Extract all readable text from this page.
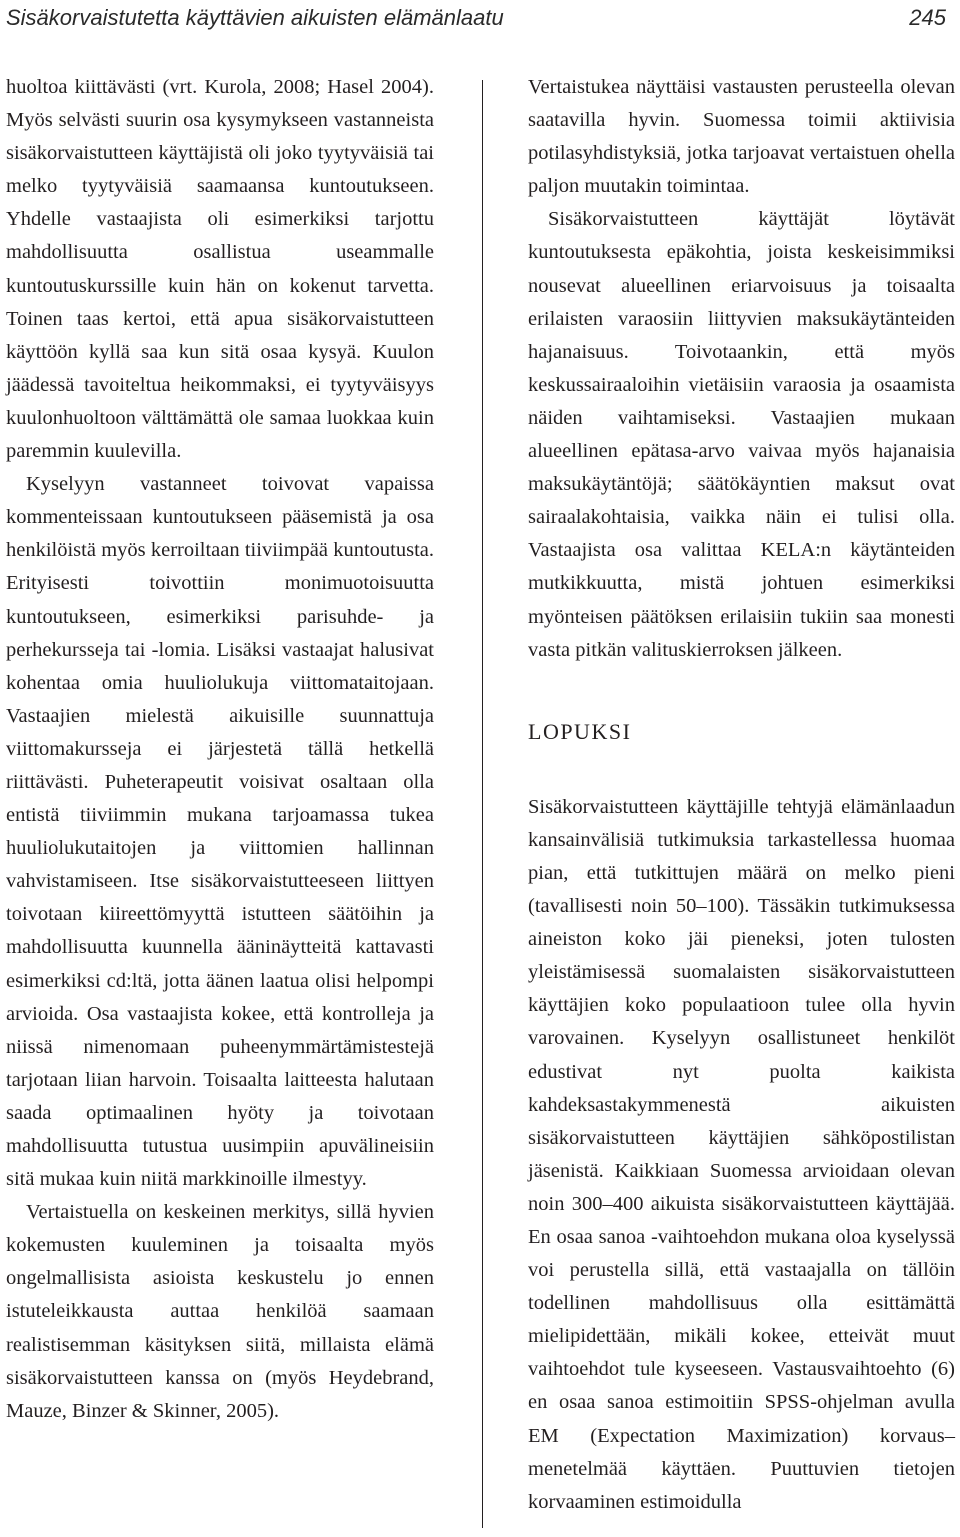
Sisäkorvaistutetta käyttävien aikuisten elämänlaatu	245

huoltoa kiittävästi (vrt. Kurola, 2008; Hasel 2004). Myös selvästi suurin osa kysymykseen vastanneista sisäkorvaistutteen käyttäjistä oli joko tyytyväisiä tai melko tyytyväisiä saamaansa kuntoutukseen. Yhdelle vastaajista oli esimerkiksi tarjottu mahdollisuutta osallistua useammalle kuntoutuskurssille kuin hän on kokenut tarvetta. Toinen taas kertoi, että apua sisäkorvaistutteen käyttöön kyllä saa kun sitä osaa kysyä. Kuulon jäädessä tavoiteltua heikommaksi, ei tyytyväisyys kuulonhuoltoon välttämättä ole samaa luokkaa kuin paremmin kuulevilla.

Kyselyyn vastanneet toivovat vapaissa kommenteissaan kuntoutukseen pääsemistä ja osa henkilöistä myös kerroiltaan tiiviimpää kuntoutusta. Erityisesti toivottiin monimuotoisuutta kuntoutukseen, esimerkiksi parisuhde- ja perhekursseja tai -lomia. Lisäksi vastaajat halusivat kohentaa omia huuliolukuja viittomataitojaan. Vastaajien mielestä aikuisille suunnattuja viittomakursseja ei järjestetä tällä hetkellä riittävästi. Puheterapeutit voisivat osaltaan olla entistä tiiviimmin mukana tarjoamassa tukea huuliolukutaitojen ja viittomien hallinnan vahvistamiseen. Itse sisäkorvaistutteeseen liittyen toivotaan kiireettömyyttä istutteen säätöihin ja mahdollisuutta kuunnella ääninäytteitä kattavasti esimerkiksi cd:ltä, jotta äänen laatua olisi helpompi arvioida. Osa vastaajista kokee, että kontrolleja ja niissä nimenomaan puheenymmärtämistestejä tarjotaan liian harvoin. Toisaalta laitteesta halutaan saada optimaalinen hyöty ja toivotaan mahdollisuutta tutustua uusimpiin apuvälineisiin sitä mukaa kuin niitä markkinoille ilmestyy.

Vertaistuella on keskeinen merkitys, sillä hyvien kokemusten kuuleminen ja toisaalta myös ongelmallisista asioista keskustelu jo ennen istuteleikkausta auttaa henkilöä saamaan realistisemman käsityksen siitä, millaista elämä sisäkorvaistutteen kanssa on (myös Heydebrand, Mauze, Binzer & Skinner, 2005).

Vertaistukea näyttäisi vastausten perusteella olevan saatavilla hyvin. Suomessa toimii aktiivisia potilasyhdistyksiä, jotka tarjoavat vertaistuen ohella paljon muutakin toimintaa.

Sisäkorvaistutteen käyttäjät löytävät kuntoutuksesta epäkohtia, joista keskeisimmiksi nousevat alueellinen eriarvoisuus ja toisaalta erilaisten varaosiin liittyvien maksukäytänteiden hajanaisuus. Toivotaankin, että myös keskussairaaloihin vietäisiin varaosia ja osaamista näiden vaihtamiseksi. Vastaajien mukaan alueellinen epätasa-arvo vaivaa myös hajanaisia maksukäytäntöjä; säätökäyntien maksut ovat sairaalakohtaisia, vaikka näin ei tulisi olla. Vastaajista osa valittaa KELA:n käytänteiden mutkikkuutta, mistä johtuen esimerkiksi myönteisen päätöksen erilaisiin tukiin saa monesti vasta pitkän valituskierroksen jälkeen.

LOPUKSI

Sisäkorvaistutteen käyttäjille tehtyjä elämänlaadun kansainvälisiä tutkimuksia tarkastellessa huomaa pian, että tutkittujen määrä on melko pieni (tavallisesti noin 50–100). Tässäkin tutkimuksessa aineiston koko jäi pieneksi, joten tulosten yleistämisessä suomalaisten sisäkorvaistutteen käyttäjien koko populaatioon tulee olla hyvin varovainen. Kyselyyn osallistuneet henkilöt edustivat nyt puolta kaikista kahdeksastakymmenestä aikuisten sisäkorvaistutteen käyttäjien sähköpostilistan jäsenistä. Kaikkiaan Suomessa arvioidaan olevan noin 300–400 aikuista sisäkorvaistutteen käyttäjää. En osaa sanoa -vaihtoehdon mukana oloa kyselyssä voi perustella sillä, että vastaajalla on tällöin todellinen mahdollisuus olla esittämättä mielipidettään, mikäli kokee, etteivät muut vaihtoehdot tule kyseeseen. Vastausvaihtoehto (6) en osaa sanoa estimoitiin SPSS-ohjelman avulla EM (Expectation Maximization) korvaus–menetelmää käyttäen. Puuttuvien tietojen korvaaminen estimoidulla
